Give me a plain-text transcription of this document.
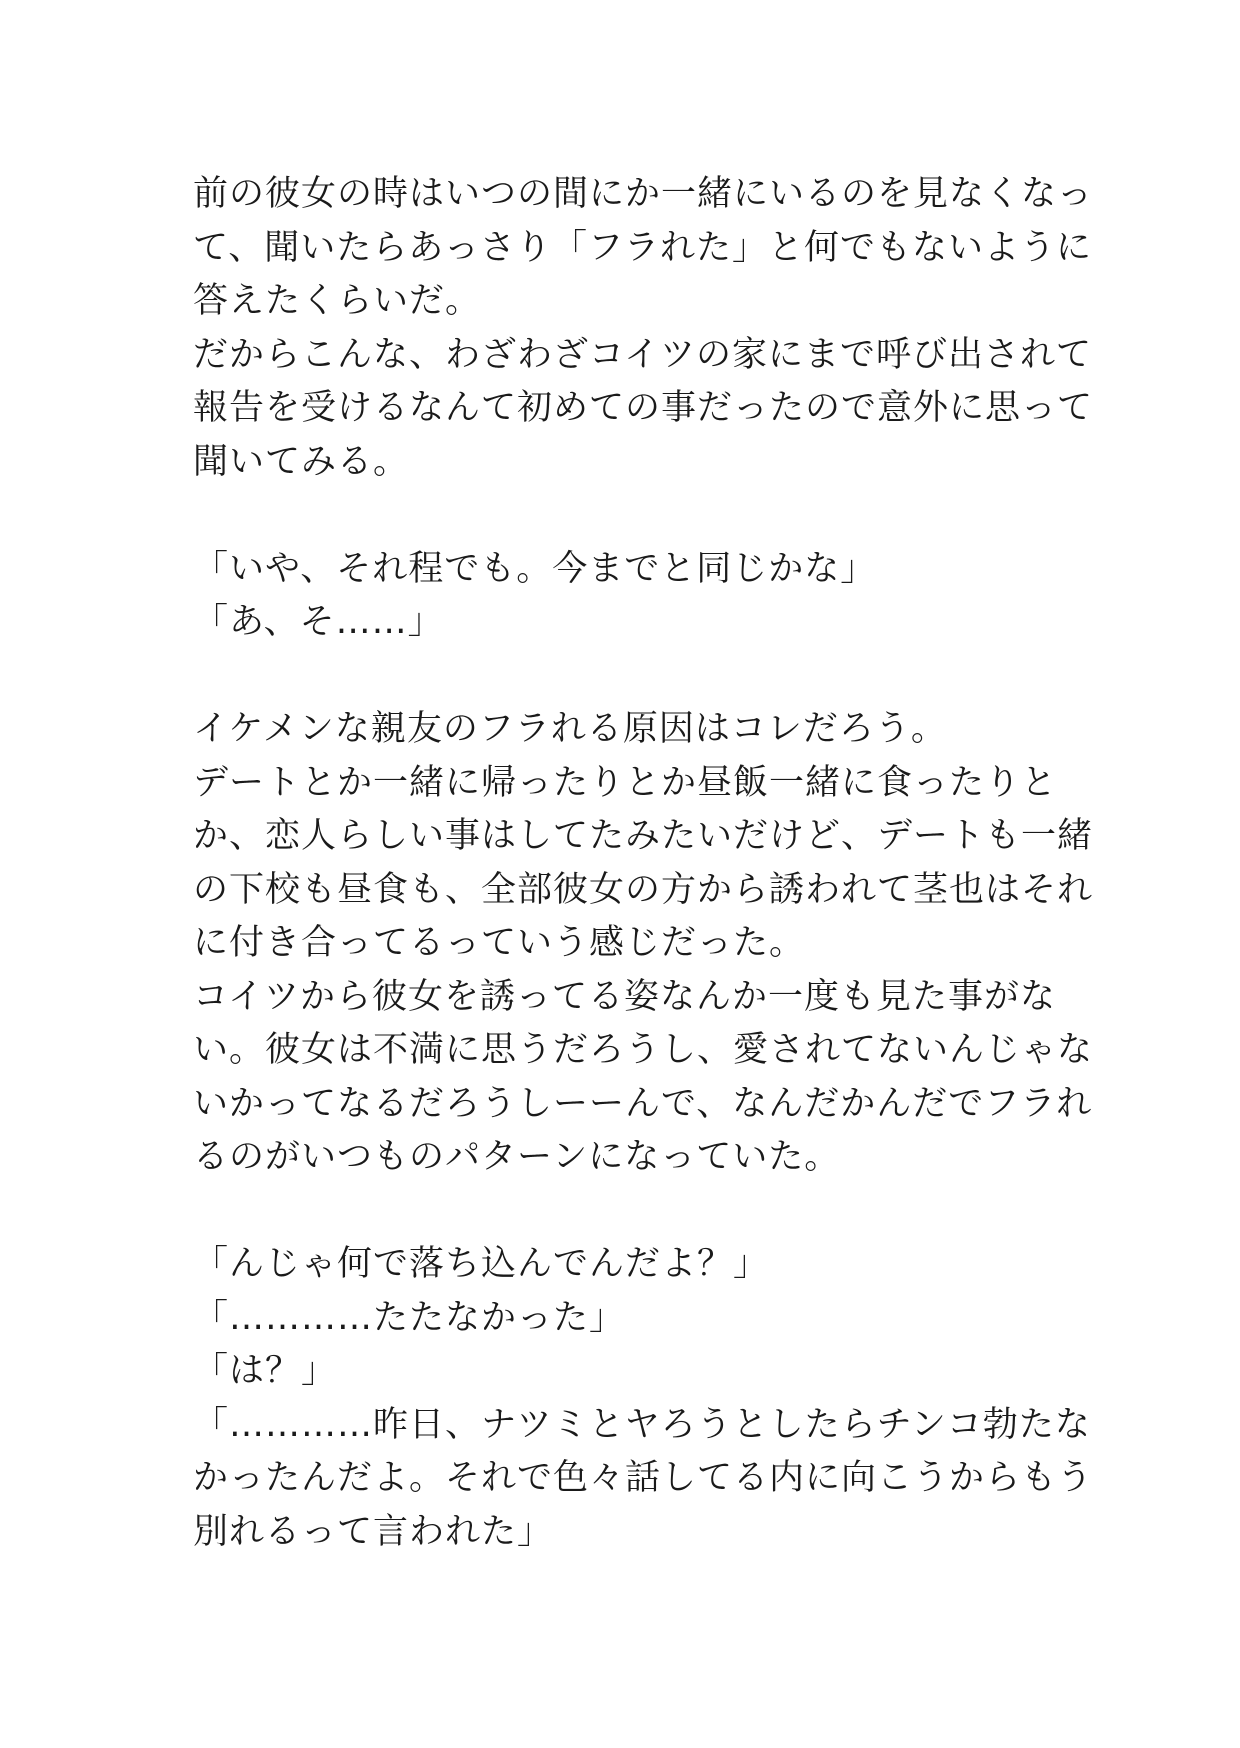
前の彼女の時はいつの間にか一緒にいるのを見なくなっ
て、聞いたらあっさり「フラれた」と何でもないように
答えたくらいだ。
だからこんな、わざわざコイツの家にまで呼び出されて
報告を受けるなんて初めての事だったので意外に思って
聞いてみる。
「いや、それ程でも。今までと同じかな」
「あ、そ……」
イケメンな親友のフラれる原因はコレだろう。
デートとか一緒に帰ったりとか昼飯一緒に食ったりと
か、恋人らしい事はしてたみたいだけど、デートも一緒
の下校も昼食も、全部彼女の方から誘われて茎也はそれ
に付き合ってるっていう感じだった。
コイツから彼女を誘ってる姿なんか一度も見た事がな
い。彼女は不満に思うだろうし、愛されてないんじゃな
いかってなるだろうしーーんで、なんだかんだでフラれ
るのがいつものパターンになっていた。
「んじゃ何で落ち込んでんだよ？」
「…………たたなかった」
「は？」
「…………昨日、ナツミとヤろうとしたらチンコ勃たな
かったんだよ。それで色々話してる内に向こうからもう
別れるって言われた」
